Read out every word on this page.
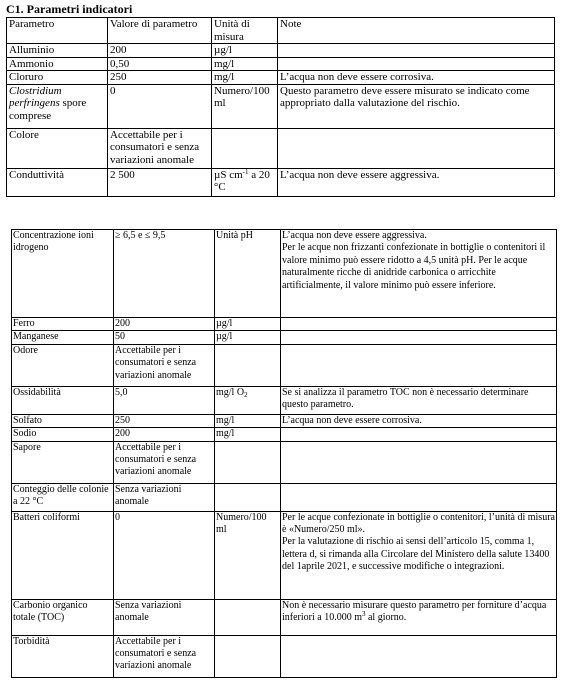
C1. Parametri indicatori
Parametro	Valore di parametro	Unità di misura	Note
Alluminio	200	µg/l	
Ammonio	0,50	mg/l	
Cloruro	250	mg/l	L’acqua non deve essere corrosiva.
Clostridium perfringens spore comprese	0	Numero/100 ml	Questo parametro deve essere misurato se indicato come appropriato dalla valutazione del rischio.
Colore	Accettabile per i consumatori e senza variazioni anomale		
Conduttività	2 500	µS $cm^{-1}$ a 20 °C	L’acqua non deve essere aggressiva.
Concentrazione ioni idrogeno	≥ 6,5 e ≤ 9,5	Unità pH	L’acqua non deve essere aggressiva.
Per le acque non frizzanti confezionate in bottiglie o contenitori il valore minimo può essere ridotto a 4,5 unità pH. Per le acque naturalmente ricche di anidride carbonica o arricchite artificialmente, il valore minimo può essere inferiore.

Ferro	200	µg/l	
Manganese	50	µg/l	
Odore	Accettabile per i consumatori e senza variazioni anomale		
Ossidabilità	5,0	mg/l $O_2$	Se si analizza il parametro TOC non è necessario determinare questo parametro.
Solfato	250	mg/l	L’acqua non deve essere corrosiva.
Sodio	200	mg/l	
Sapore	Accettabile per i consumatori e senza variazioni anomale		
Conteggio delle colonie a 22 °C	Senza variazioni anomale		
Batteri coliformi	0	Numero/100 ml	Per le acque confezionate in bottiglie o contenitori, l’unità di misura è «Numero/250 ml».
Per la valutazione di rischio ai sensi dell’articolo 15, comma 1, lettera d, si rimanda alla Circolare del Ministero della salute 13400 del 1aprile 2021, e successive modifiche o integrazioni.

Carbonio organico totale (TOC)	Senza variazioni anomale		Non è necessario misurare questo parametro per forniture d’acqua inferiori a 10.000 $m^3$ al giorno.
Torbidità	Accettabile per i consumatori e senza variazioni anomale		
